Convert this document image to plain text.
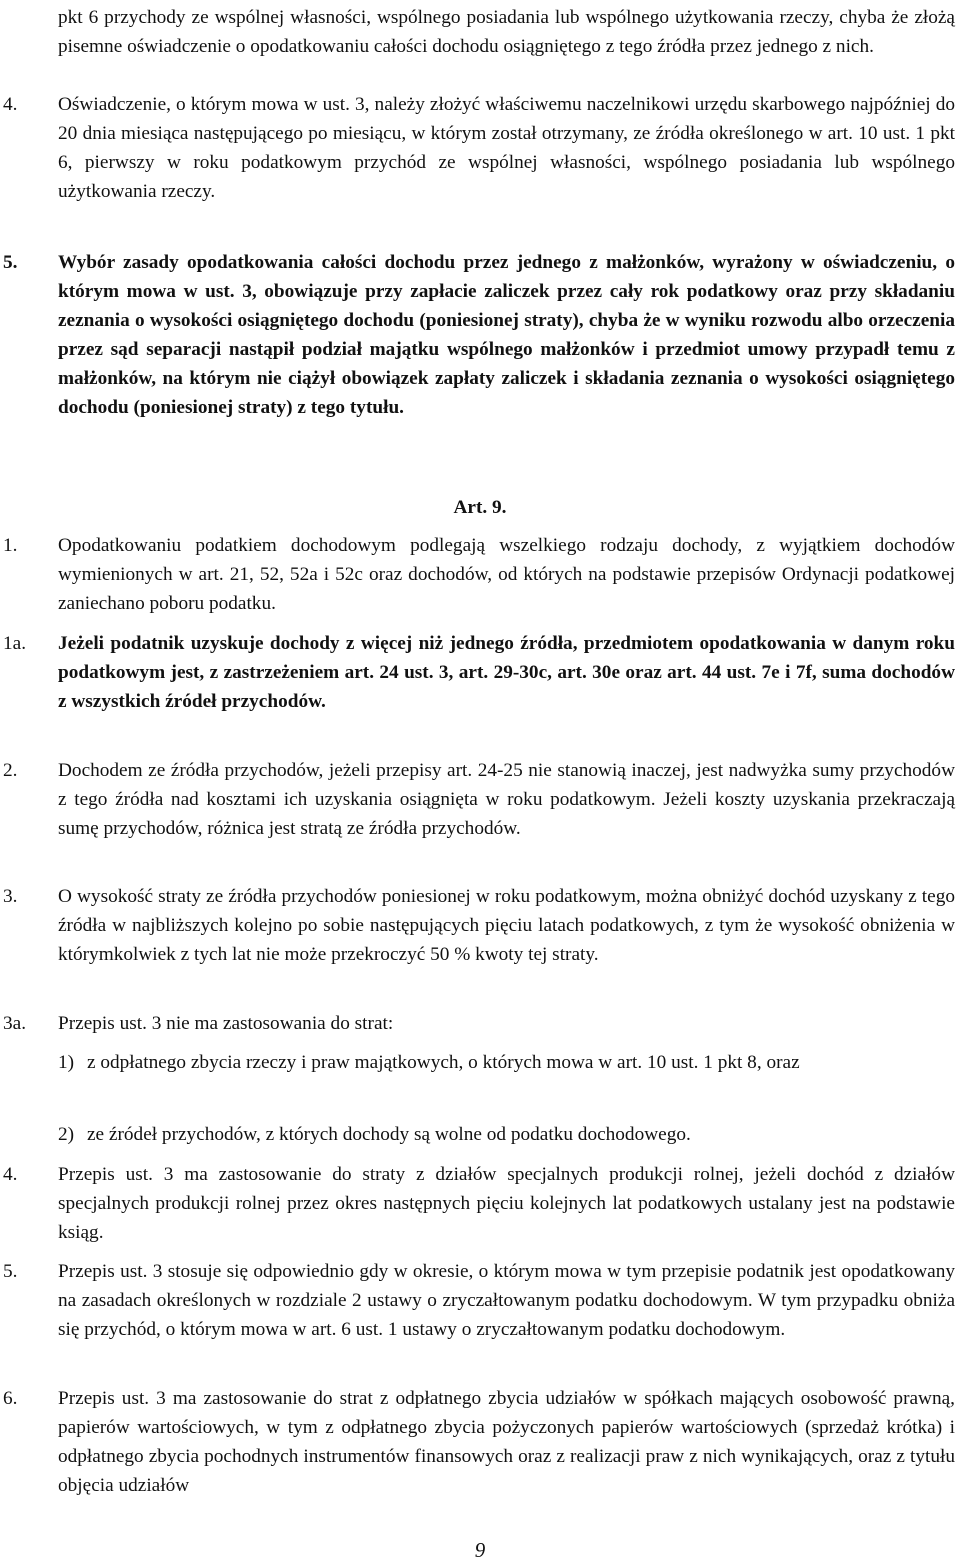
pkt 6 przychody ze wspólnej własności, wspólnego posiadania lub wspólnego użytkowania rzeczy, chyba że złożą pisemne oświadczenie o opodatkowaniu całości dochodu osiągniętego z tego źródła przez jednego z nich.
4. Oświadczenie, o którym mowa w ust. 3, należy złożyć właściwemu naczelnikowi urzędu skarbowego najpóźniej do 20 dnia miesiąca następującego po miesiącu, w którym został otrzymany, ze źródła określonego w art. 10 ust. 1 pkt 6, pierwszy w roku podatkowym przychód ze wspólnej własności, wspólnego posiadania lub wspólnego użytkowania rzeczy.
5. Wybór zasady opodatkowania całości dochodu przez jednego z małżonków, wyrażony w oświadczeniu, o którym mowa w ust. 3, obowiązuje przy zapłacie zaliczek przez cały rok podatkowy oraz przy składaniu zeznania o wysokości osiągniętego dochodu (poniesionej straty), chyba że w wyniku rozwodu albo orzeczenia przez sąd separacji nastąpił podział majątku wspólnego małżonków i przedmiot umowy przypadł temu z małżonków, na którym nie ciążył obowiązek zapłaty zaliczek i składania zeznania o wysokości osiągniętego dochodu (poniesionej straty) z tego tytułu.
Art. 9.
1. Opodatkowaniu podatkiem dochodowym podlegają wszelkiego rodzaju dochody, z wyjątkiem dochodów wymienionych w art. 21, 52, 52a i 52c oraz dochodów, od których na podstawie przepisów Ordynacji podatkowej zaniechano poboru podatku.
1a. Jeżeli podatnik uzyskuje dochody z więcej niż jednego źródła, przedmiotem opodatkowania w danym roku podatkowym jest, z zastrzeżeniem art. 24 ust. 3, art. 29-30c, art. 30e oraz art. 44 ust. 7e i 7f, suma dochodów z wszystkich źródeł przychodów.
2. Dochodem ze źródła przychodów, jeżeli przepisy art. 24-25 nie stanowią inaczej, jest nadwyżka sumy przychodów z tego źródła nad kosztami ich uzyskania osiągnięta w roku podatkowym. Jeżeli koszty uzyskania przekraczają sumę przychodów, różnica jest stratą ze źródła przychodów.
3. O wysokość straty ze źródła przychodów poniesionej w roku podatkowym, można obniżyć dochód uzyskany z tego źródła w najbliższych kolejno po sobie następujących pięciu latach podatkowych, z tym że wysokość obniżenia w którymkolwiek z tych lat nie może przekroczyć 50 % kwoty tej straty.
3a. Przepis ust. 3 nie ma zastosowania do strat:
1) z odpłatnego zbycia rzeczy i praw majątkowych, o których mowa w art. 10 ust. 1 pkt 8, oraz
2) ze źródeł przychodów, z których dochody są wolne od podatku dochodowego.
4. Przepis ust. 3 ma zastosowanie do straty z działów specjalnych produkcji rolnej, jeżeli dochód z działów specjalnych produkcji rolnej przez okres następnych pięciu kolejnych lat podatkowych ustalany jest na podstawie ksiąg.
5. Przepis ust. 3 stosuje się odpowiednio gdy w okresie, o którym mowa w tym przepisie podatnik jest opodatkowany na zasadach określonych w rozdziale 2 ustawy o zryczałtowanym podatku dochodowym. W tym przypadku obniża się przychód, o którym mowa w art. 6 ust. 1 ustawy o zryczałtowanym podatku dochodowym.
6. Przepis ust. 3 ma zastosowanie do strat z odpłatnego zbycia udziałów w spółkach mających osobowość prawną, papierów wartościowych, w tym z odpłatnego zbycia pożyczonych papierów wartościowych (sprzedaż krótka) i odpłatnego zbycia pochodnych instrumentów finansowych oraz z realizacji praw z nich wynikających, oraz z tytułu objęcia udziałów
9
